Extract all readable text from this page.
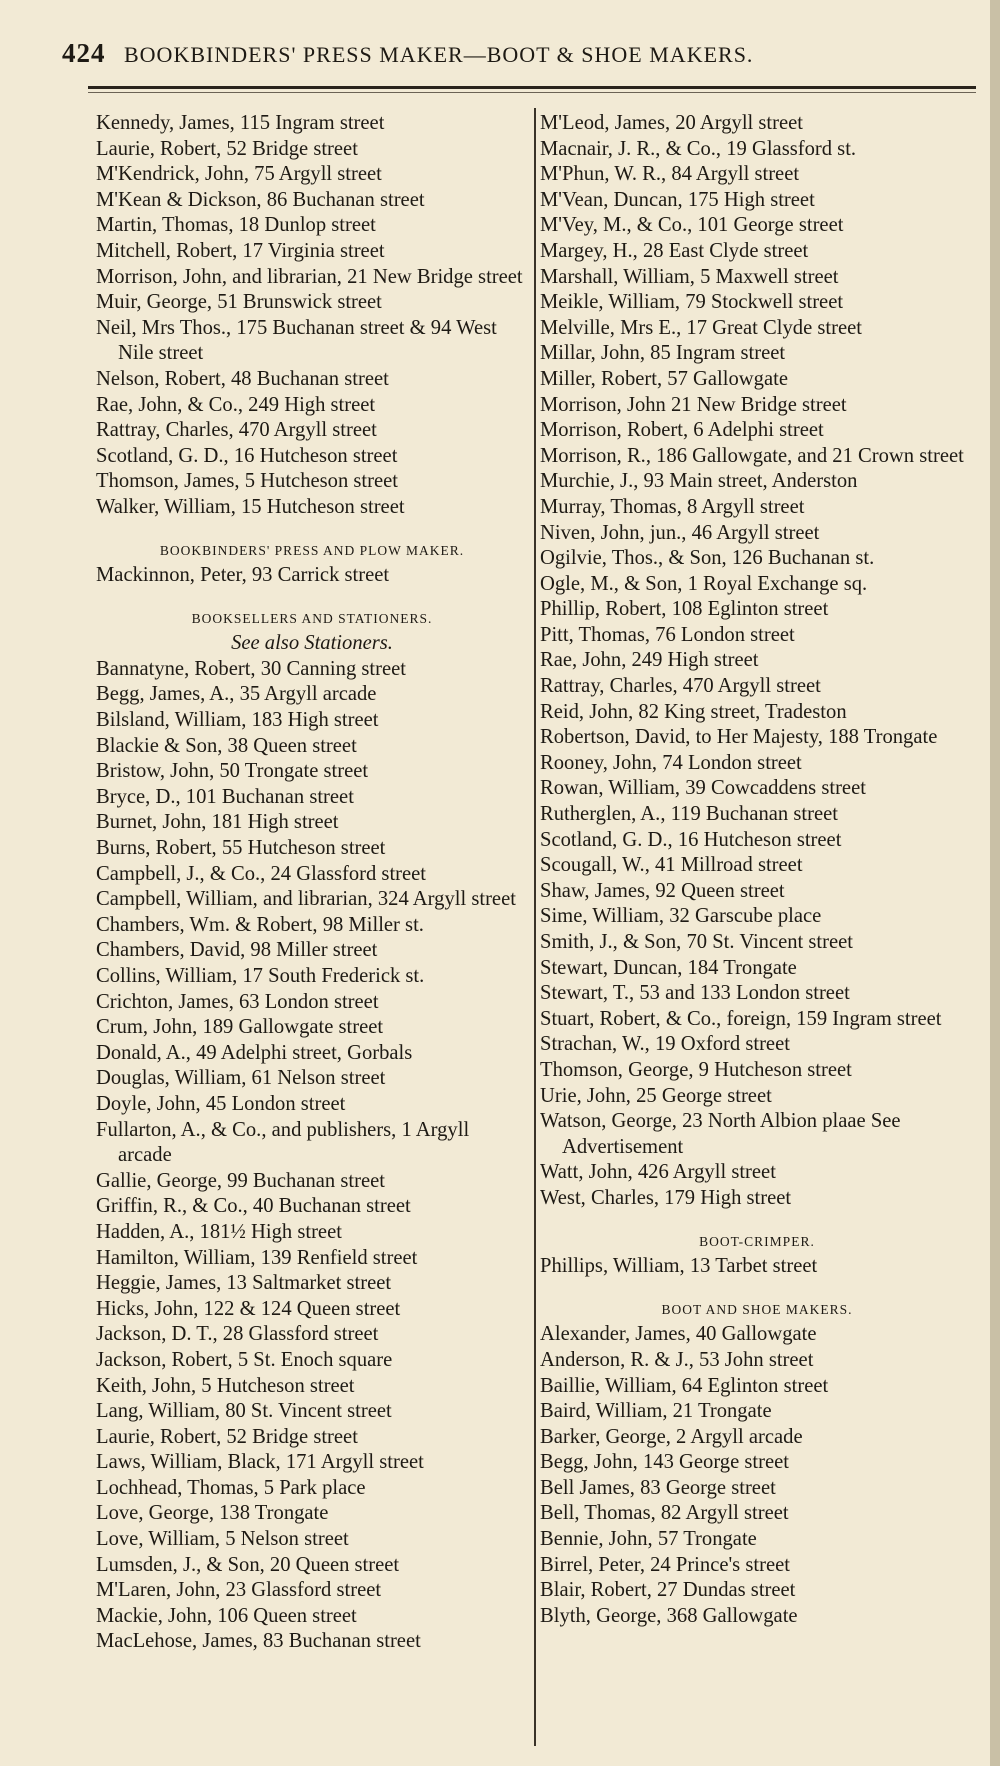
424 BOOKBINDERS' PRESS MAKER—BOOT & SHOE MAKERS.
Kennedy, James, 115 Ingram street
Laurie, Robert, 52 Bridge street
M'Kendrick, John, 75 Argyll street
M'Kean & Dickson, 86 Buchanan street
Martin, Thomas, 18 Dunlop street
Mitchell, Robert, 17 Virginia street
Morrison, John, and librarian, 21 New Bridge street
Muir, George, 51 Brunswick street
Neil, Mrs Thos., 175 Buchanan street & 94 West Nile street
Nelson, Robert, 48 Buchanan street
Rae, John, & Co., 249 High street
Rattray, Charles, 470 Argyll street
Scotland, G. D., 16 Hutcheson street
Thomson, James, 5 Hutcheson street
Walker, William, 15 Hutcheson street
BOOKBINDERS' PRESS AND PLOW MAKER.
Mackinnon, Peter, 93 Carrick street
BOOKSELLERS AND STATIONERS.
See also Stationers.
Bannatyne, Robert, 30 Canning street
Begg, James, A., 35 Argyll arcade
Bilsland, William, 183 High street
Blackie & Son, 38 Queen street
Bristow, John, 50 Trongate street
Bryce, D., 101 Buchanan street
Burnet, John, 181 High street
Burns, Robert, 55 Hutcheson street
Campbell, J., & Co., 24 Glassford street
Campbell, William, and librarian, 324 Argyll street
Chambers, Wm. & Robert, 98 Miller st.
Chambers, David, 98 Miller street
Collins, William, 17 South Frederick st.
Crichton, James, 63 London street
Crum, John, 189 Gallowgate street
Donald, A., 49 Adelphi street, Gorbals
Douglas, William, 61 Nelson street
Doyle, John, 45 London street
Fullarton, A., & Co., and publishers, 1 Argyll arcade
Gallie, George, 99 Buchanan street
Griffin, R., & Co., 40 Buchanan street
Hadden, A., 181½ High street
Hamilton, William, 139 Renfield street
Heggie, James, 13 Saltmarket street
Hicks, John, 122 & 124 Queen street
Jackson, D. T., 28 Glassford street
Jackson, Robert, 5 St. Enoch square
Keith, John, 5 Hutcheson street
Lang, William, 80 St. Vincent street
Laurie, Robert, 52 Bridge street
Laws, William, Black, 171 Argyll street
Lochhead, Thomas, 5 Park place
Love, George, 138 Trongate
Love, William, 5 Nelson street
Lumsden, J., & Son, 20 Queen street
M'Laren, John, 23 Glassford street
Mackie, John, 106 Queen street
MacLehose, James, 83 Buchanan street
M'Leod, James, 20 Argyll street
Macnair, J. R., & Co., 19 Glassford st.
M'Phun, W. R., 84 Argyll street
M'Vean, Duncan, 175 High street
M'Vey, M., & Co., 101 George street
Margey, H., 28 East Clyde street
Marshall, William, 5 Maxwell street
Meikle, William, 79 Stockwell street
Melville, Mrs E., 17 Great Clyde street
Millar, John, 85 Ingram street
Miller, Robert, 57 Gallowgate
Morrison, John 21 New Bridge street
Morrison, Robert, 6 Adelphi street
Morrison, R., 186 Gallowgate, and 21 Crown street
Murchie, J., 93 Main street, Anderston
Murray, Thomas, 8 Argyll street
Niven, John, jun., 46 Argyll street
Ogilvie, Thos., & Son, 126 Buchanan st.
Ogle, M., & Son, 1 Royal Exchange sq.
Phillip, Robert, 108 Eglinton street
Pitt, Thomas, 76 London street
Rae, John, 249 High street
Rattray, Charles, 470 Argyll street
Reid, John, 82 King street, Tradeston
Robertson, David, to Her Majesty, 188 Trongate
Rooney, John, 74 London street
Rowan, William, 39 Cowcaddens street
Rutherglen, A., 119 Buchanan street
Scotland, G. D., 16 Hutcheson street
Scougall, W., 41 Millroad street
Shaw, James, 92 Queen street
Sime, William, 32 Garscube place
Smith, J., & Son, 70 St. Vincent street
Stewart, Duncan, 184 Trongate
Stewart, T., 53 and 133 London street
Stuart, Robert, & Co., foreign, 159 Ingram street
Strachan, W., 19 Oxford street
Thomson, George, 9 Hutcheson street
Urie, John, 25 George street
Watson, George, 23 North Albion plaae See Advertisement
Watt, John, 426 Argyll street
West, Charles, 179 High street
BOOT-CRIMPER.
Phillips, William, 13 Tarbet street
BOOT AND SHOE MAKERS.
Alexander, James, 40 Gallowgate
Anderson, R. & J., 53 John street
Baillie, William, 64 Eglinton street
Baird, William, 21 Trongate
Barker, George, 2 Argyll arcade
Begg, John, 143 George street
Bell James, 83 George street
Bell, Thomas, 82 Argyll street
Bennie, John, 57 Trongate
Birrel, Peter, 24 Prince's street
Blair, Robert, 27 Dundas street
Blyth, George, 368 Gallowgate
